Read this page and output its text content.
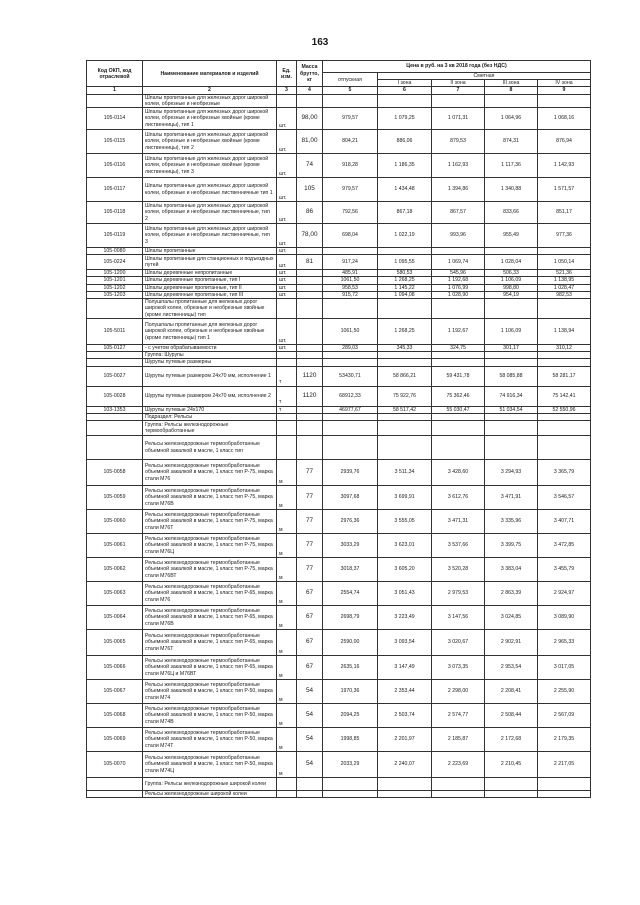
163
Код ОКП, код отраслевой	Наименование материалов и изделий	Ед. изм.	Масса брутто, кг	Цена в руб. на 3 кв 2018 года (без НДС)				
				отпускная	Сметная			
					I зона	II зона	III зона	IV зона
1	2	3	4	5	6	7	8	9
	Шпалы пропитанные для железных дорог широкой колеи, обрезные и необрезные							
105-0114	Шпалы пропитанные для железных дорог широкой колеи, обрезные и необрезные хвойные (кроме лиственницы), тип 1	шт.	98,00	979,57	1 079,25	1 071,31	1 064,96	1 068,16
105-0115	Шпалы пропитанные для железных дорог широкой колеи, обрезные и необрезные хвойные (кроме лиственницы), тип 2	шт.	81,00	804,21	886,06	879,53	874,31	876,94
105-0116	Шпалы пропитанные для железных дорог широкой колеи, обрезные и необрезные хвойные (кроме лиственницы), тип 3	шт.	74	918,28	1 186,35	1 162,93	1 117,36	1 142,93
105-0117	Шпалы пропитанные для железных дорог широкой колеи, обрезные и необрезные лиственничные тип 1	шт.	105	979,57	1 434,48	1 394,86	1 340,88	1 571,57
105-0118	Шпалы пропитанные для железных дорог широкой колеи, обрезные и необрезные лиственничные, тип 2	шт.	86	792,56	867,18	867,57	833,66	851,17
105-0119	Шпалы пропитанные для железных дорог широкой колеи, обрезные и необрезные лиственничные, тип 3	шт.	78,00	698,04	1 022,19	993,96	955,49	977,36
105-0080	Шпалы пропитанные	шт.						
105-0224	Шпалы пропитанные для станционных и подъездных путей	шт.	81	917,24	1 095,55	1 069,74	1 028,04	1 050,14
105-1200	Шпалы деревянные непропитанные	шт.		485,91	580,53	545,96	506,33	521,36
105-1201	Шпалы деревянные пропитанные, тип I	шт.		1061,50	1 268,25	1 192,68	1 106,09	1 138,95
105-1202	Шпалы деревянные пропитанные, тип II	шт.		958,53	1 145,22	1 076,99	998,80	1 028,47
105-1203	Шпалы деревянные пропитанные, тип III	шт.		915,72	1 094,08	1 028,90	954,19	982,53
	Полушпалы пропитанные для железных дорог широкой колеи, обрезные и необрезные хвойные (кроме лиственницы) тип							
105-5011	Полушпалы пропитанные для железных дорог широкой колеи, обрезные и необрезные хвойные (кроме лиственницы) тип 1	шт.		1061,50	1 268,25	1 192,67	1 106,09	1 138,94
105-0127	- с учетом обрабатываемости	шт.		289,03	345,33	324,75	301,17	310,12
	Группа: Шурупы							
	Шурупы путевые размерны							
105-0027	Шурупы путевые размером 24х70 мм, исполнение 1	т	1120	53430,71	58 866,21	59 431,78	58 085,88	58 281,17
105-0028	Шурупы путевые размером 24х70 мм, исполнение 2	т	1120	68912,33	75 922,76	75 362,46	74 916,34	75 142,41
103-1353	Шурупы путевые 24х170	т		46977,67	58 517,42	55 030,47	51 034,54	52 550,96
	Подраздел: Рельсы							
	Группа: Рельсы железнодорожные термообработанные							
	Рельсы железнодорожные термообработанные объемной закалкой в масле, 1 класс тип							
105-0058	Рельсы железнодорожные термообработанные объемной закалкой в масле, 1 класс тип Р-75, марка стали М76	м	77	2939,76	3 511,34	3 428,60	3 294,93	3 365,79
105-0059	Рельсы железнодорожные термообработанные объемной закалкой в масле, 1 класс тип Р-75, марка стали М76В	м	77	3097,68	3 699,91	3 612,76	3 471,91	3 546,57
105-0060	Рельсы железнодорожные термообработанные объемной закалкой в масле, 1 класс тип Р-75, марка стали М76Т	м	77	2976,36	3 555,05	3 471,31	3 335,96	3 407,71
105-0061	Рельсы железнодорожные термообработанные объемной закалкой в масле, 1 класс тип Р-75, марка стали М76Ц	м	77	3033,29	3 623,01	3 537,66	3 399,75	3 472,85
105-0062	Рельсы железнодорожные термообработанные объемной закалкой в масле, 1 класс тип Р-75, марка стали М76ВТ	м	77	3018,37	3 605,20	3 520,28	3 383,04	3 455,79
105-0063	Рельсы железнодорожные термообработанные объемной закалкой в масле, 1 класс тип Р-65, марка стали М76	м	67	2554,74	3 051,43	2 979,53	2 863,39	2 924,97
105-0064	Рельсы железнодорожные термообработанные объемной закалкой в масле, 1 класс тип Р-65, марка стали М76В	м	67	2698,79	3 223,49	3 147,56	3 024,85	3 089,90
105-0065	Рельсы железнодорожные термообработанные объемной закалкой в масле, 1 класс тип Р-65, марка стали М76Т	м	67	2590,00	3 093,54	3 020,67	2 902,91	2 965,33
105-0066	Рельсы железнодорожные термообработанные объемной закалкой в масле, 1 класс тип Р-65, марка стали М76Ц и М76ВТ	м	67	2635,16	3 147,49	3 073,35	2 953,54	3 017,05
105-0067	Рельсы железнодорожные термообработанные объемной закалкой в масле, 1 класс тип Р-50, марка стали М74	м	54	1970,36	2 353,44	2 298,00	2 208,41	2 255,90
105-0068	Рельсы железнодорожные термообработанные объемной закалкой в масле, 1 класс тип Р-50, марка стали М74В	м	54	2094,25	2 503,74	2 574,77	2 508,44	2 567,09
105-0069	Рельсы железнодорожные термообработанные объемной закалкой в масле, 1 класс тип Р-50, марка стали М74Т	м	54	1998,85	2 201,97	2 185,87	2 172,68	2 179,35
105-0070	Рельсы железнодорожные термообработанные объемной закалкой в масле, 1 класс тип Р-50, марка стали М74Ц	м	54	2033,29	2 240,07	2 223,69	2 210,45	2 217,05
	Группа: Рельсы железнодорожные широкой колеи							
	Рельсы железнодорожные широкой колеи							
